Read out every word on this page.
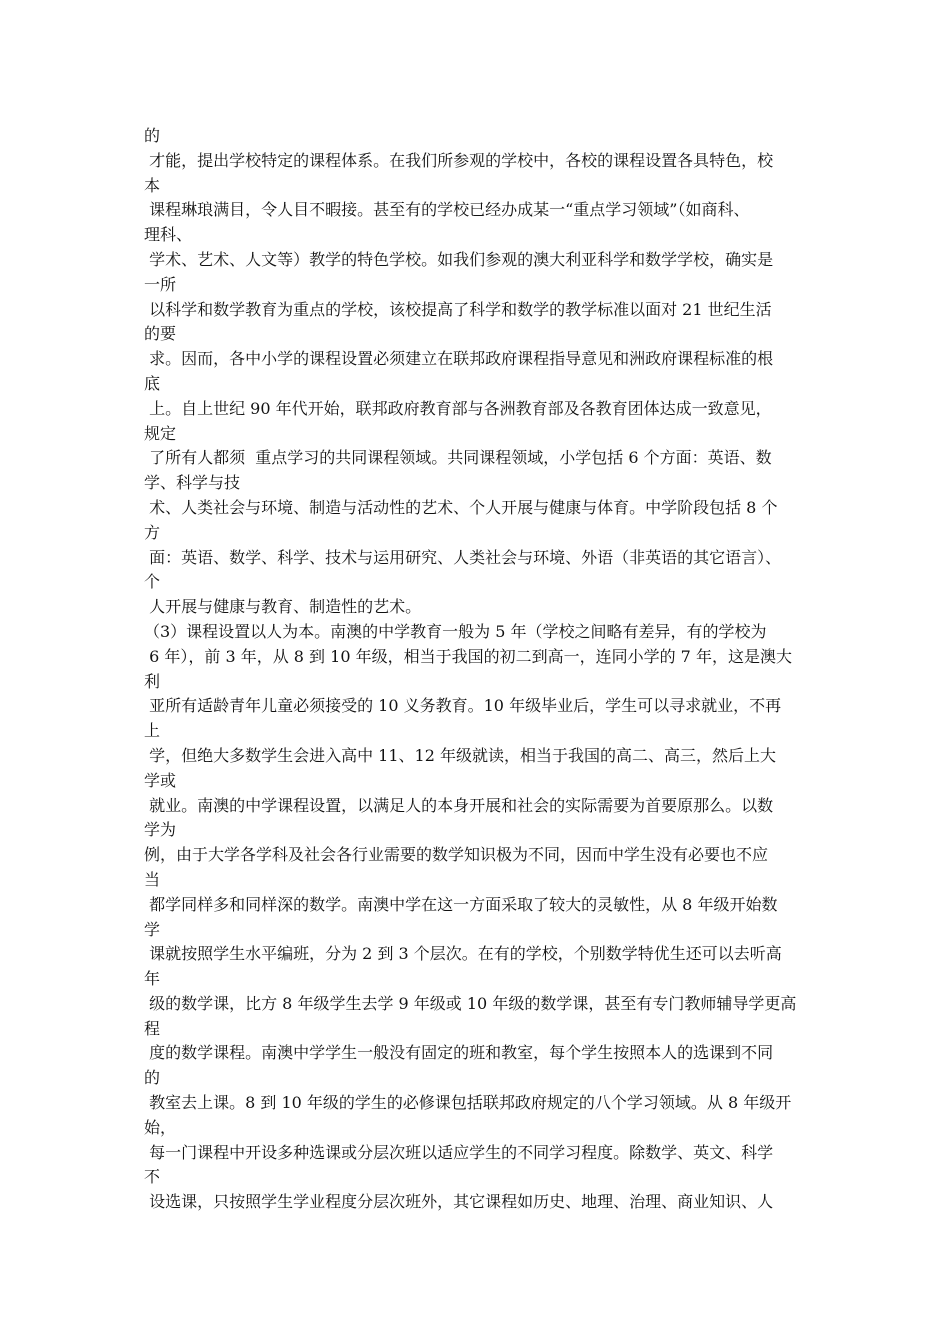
的

才能，提出学校特定的课程体系。在我们所参观的学校中，各校的课程设置各具特色，校

本

课程琳琅满目，令人目不暇接。甚至有的学校已经办成某一“重点学习领域”（如商科、

理科、

学术、艺术、人文等）教学的特色学校。如我们参观的澳大利亚科学和数学学校，确实是

一所

以科学和数学教育为重点的学校，该校提高了科学和数学的教学标准以面对 21 世纪生活

的要

求。因而，各中小学的课程设置必须建立在联邦政府课程指导意见和洲政府课程标准的根

底

上。自上世纪 90 年代开始，联邦政府教育部与各洲教育部及各教育团体达成一致意见，

规定

了所有人都须  重点学习的共同课程领域。共同课程领域，小学包括 6 个方面：英语、数

学、科学与技

术、人类社会与环境、制造与活动性的艺术、个人开展与健康与体育。中学阶段包括 8 个

方

面：英语、数学、科学、技术与运用研究、人类社会与环境、外语（非英语的其它语言）、

个

人开展与健康与教育、制造性的艺术。

（3）课程设置以人为本。南澳的中学教育一般为 5 年（学校之间略有差异，有的学校为

6 年），前 3 年，从 8 到 10 年级，相当于我国的初二到高一，连同小学的 7 年，这是澳大

利

亚所有适龄青年儿童必须接受的 10 义务教育。10 年级毕业后，学生可以寻求就业，不再

上

学，但绝大多数学生会进入高中 11、12 年级就读，相当于我国的高二、高三，然后上大

学或

就业。南澳的中学课程设置，以满足人的本身开展和社会的实际需要为首要原那么。以数

学为

例，由于大学各学科及社会各行业需要的数学知识极为不同，因而中学生没有必要也不应

当

都学同样多和同样深的数学。南澳中学在这一方面采取了较大的灵敏性，从 8 年级开始数

学

课就按照学生水平编班，分为 2 到 3 个层次。在有的学校，个别数学特优生还可以去听高

年

级的数学课，比方 8 年级学生去学 9 年级或 10 年级的数学课，甚至有专门教师辅导学更高

程

度的数学课程。南澳中学学生一般没有固定的班和教室，每个学生按照本人的选课到不同

的

教室去上课。8 到 10 年级的学生的必修课包括联邦政府规定的八个学习领域。从 8 年级开

始，

每一门课程中开设多种选课或分层次班以适应学生的不同学习程度。除数学、英文、科学

不

设选课，只按照学生学业程度分层次班外，其它课程如历史、地理、治理、商业知识、人
